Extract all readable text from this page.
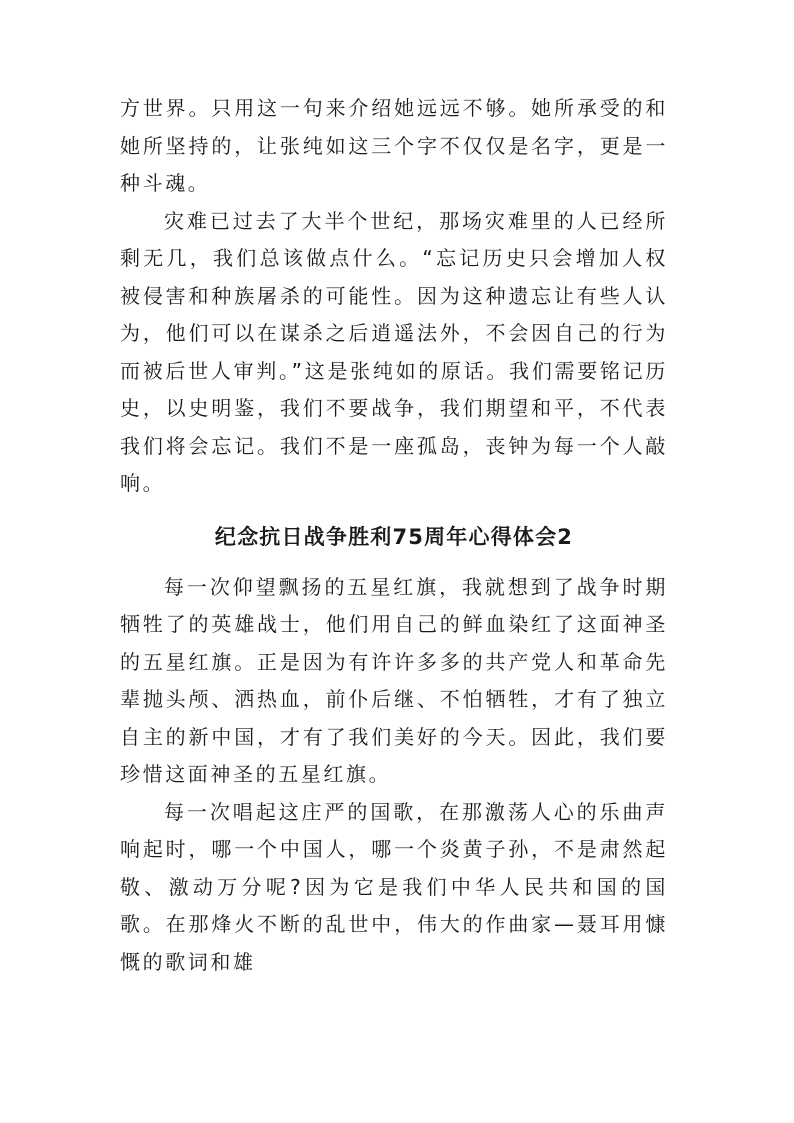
方世界。只用这一句来介绍她远远不够。她所承受的和她所坚持的，让张纯如这三个字不仅仅是名字，更是一种斗魂。

灾难已过去了大半个世纪，那场灾难里的人已经所剩无几，我们总该做点什么。“忘记历史只会增加人权被侵害和种族屠杀的可能性。因为这种遗忘让有些人认为，他们可以在谋杀之后逍遥法外，不会因自己的行为而被后世人审判。”这是张纯如的原话。我们需要铭记历史，以史明鉴，我们不要战争，我们期望和平，不代表我们将会忘记。我们不是一座孤岛，丧钟为每一个人敲响。

纪念抗日战争胜利75周年心得体会2

每一次仰望飘扬的五星红旗，我就想到了战争时期牺牲了的英雄战士，他们用自己的鲜血染红了这面神圣的五星红旗。正是因为有许许多多的共产党人和革命先辈抛头颅、洒热血，前仆后继、不怕牺牲，才有了独立自主的新中国，才有了我们美好的今天。因此，我们要珍惜这面神圣的五星红旗。

每一次唱起这庄严的国歌，在那激荡人心的乐曲声响起时，哪一个中国人，哪一个炎黄子孙，不是肃然起敬、激动万分呢?因为它是我们中华人民共和国的国歌。在那烽火不断的乱世中，伟大的作曲家—聂耳用慷慨的歌词和雄
